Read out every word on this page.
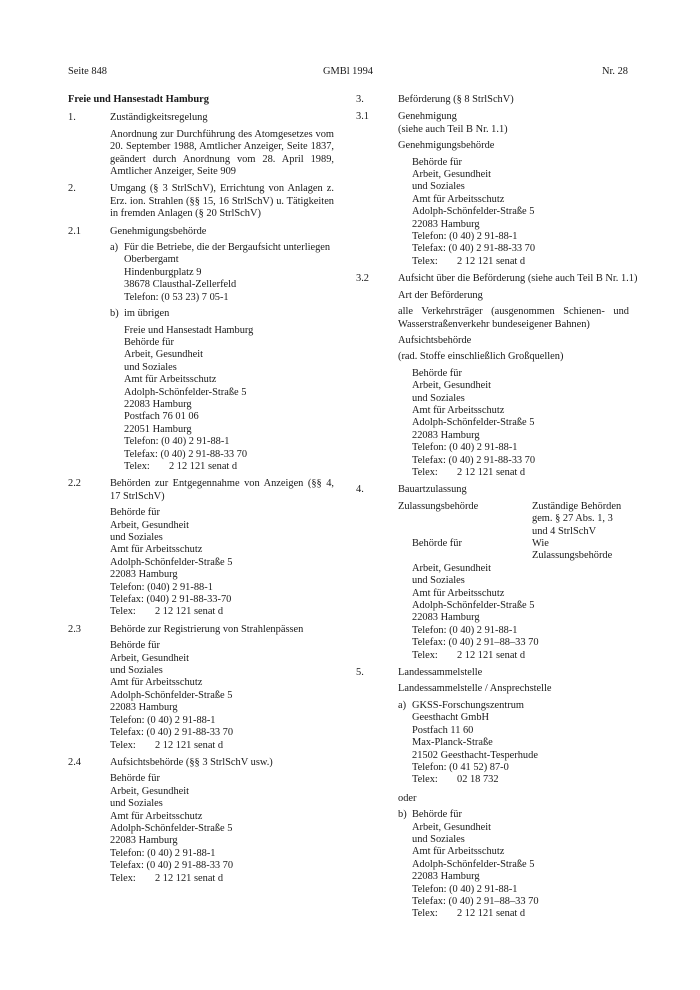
Seite 848	GMBl 1994	Nr. 28
Freie und Hansestadt Hamburg
1.	Zuständigkeitsregelung
Anordnung zur Durchführung des Atomgesetzes vom 20. September 1988, Amtlicher Anzeiger, Seite 1837, geändert durch Anordnung vom 28. April 1989, Amtlicher Anzeiger, Seite 909
2.	Umgang (§ 3 StrlSchV), Errichtung von Anlagen z. Erz. ion. Strahlen (§§ 15, 16 StrlSchV) u. Tätigkeiten in fremden Anlagen (§ 20 StrlSchV)
2.1	Genehmigungsbehörde
a) Für die Betriebe, die der Bergaufsicht unterliegen
Oberbergamt
Hindenburgplatz 9
38678 Clausthal-Zellerfeld
Telefon: (0 53 23) 7 05-1
b) im übrigen
Freie und Hansestadt Hamburg
Behörde für
Arbeit, Gesundheit
und Soziales
Amt für Arbeitsschutz
Adolph-Schönfelder-Straße 5
22083 Hamburg
Postfach 76 01 06
22051 Hamburg
Telefon: (0 40) 2 91-88-1
Telefax: (0 40) 2 91-88-33 70
Telex: 2 12 121 senat d
2.2	Behörden zur Entgegennahme von Anzeigen (§§ 4, 17 StrlSchV)
Behörde für
Arbeit, Gesundheit
und Soziales
Amt für Arbeitsschutz
Adolph-Schönfelder-Straße 5
22083 Hamburg
Telefon: (040) 2 91-88-1
Telefax: (040) 2 91-88-33-70
Telex: 2 12 121 senat d
2.3	Behörde zur Registrierung von Strahlenpässen
Behörde für
Arbeit, Gesundheit
und Soziales
Amt für Arbeitsschutz
Adolph-Schönfelder-Straße 5
22083 Hamburg
Telefon: (0 40) 2 91-88-1
Telefax: (0 40) 2 91-88-33 70
Telex: 2 12 121 senat d
2.4	Aufsichtsbehörde (§§ 3 StrlSchV usw.)
Behörde für
Arbeit, Gesundheit
und Soziales
Amt für Arbeitsschutz
Adolph-Schönfelder-Straße 5
22083 Hamburg
Telefon: (0 40) 2 91-88-1
Telefax: (0 40) 2 91-88-33 70
Telex: 2 12 121 senat d
3.	Beförderung (§ 8 StrlSchV)
3.1	Genehmigung
(siehe auch Teil B Nr. 1.1)
Genehmigungsbehörde
Behörde für
Arbeit, Gesundheit
und Soziales
Amt für Arbeitsschutz
Adolph-Schönfelder-Straße 5
22083 Hamburg
Telefon: (0 40) 2 91-88-1
Telefax: (0 40) 2 91-88-33 70
Telex: 2 12 121 senat d
3.2	Aufsicht über die Beförderung (siehe auch Teil B Nr. 1.1)
Art der Beförderung
alle Verkehrsträger (ausgenommen Schienen- und Wasserstraßenverkehr bundeseigener Bahnen)
Aufsichtsbehörde
(rad. Stoffe einschließlich Großquellen)
Behörde für
Arbeit, Gesundheit
und Soziales
Amt für Arbeitsschutz
Adolph-Schönfelder-Straße 5
22083 Hamburg
Telefon: (0 40) 2 91-88-1
Telefax: (0 40) 2 91-88-33 70
Telex: 2 12 121 senat d
4.	Bauartzulassung
Zulassungsbehörde	Zuständige Behörden
gem. § 27 Abs. 1, 3
und 4 StrlSchV
Behörde für	Wie Zulassungsbehörde
Arbeit, Gesundheit
und Soziales
Amt für Arbeitsschutz
Adolph-Schönfelder-Straße 5
22083 Hamburg
Telefon: (0 40) 2 91-88-1
Telefax: (0 40) 2 91–88–33 70
Telex: 2 12 121 senat d
5.	Landessammelstelle
Landessammelstelle / Ansprechstelle
a) GKSS-Forschungszentrum
Geesthacht GmbH
Postfach 11 60
Max-Planck-Straße
21502 Geesthacht-Tesperhude
Telefon: (0 41 52) 87-0
Telex: 02 18 732
oder
b) Behörde für
Arbeit, Gesundheit
und Soziales
Amt für Arbeitsschutz
Adolph-Schönfelder-Straße 5
22083 Hamburg
Telefon: (0 40) 2 91-88-1
Telefax: (0 40) 2 91–88–33 70
Telex: 2 12 121 senat d
